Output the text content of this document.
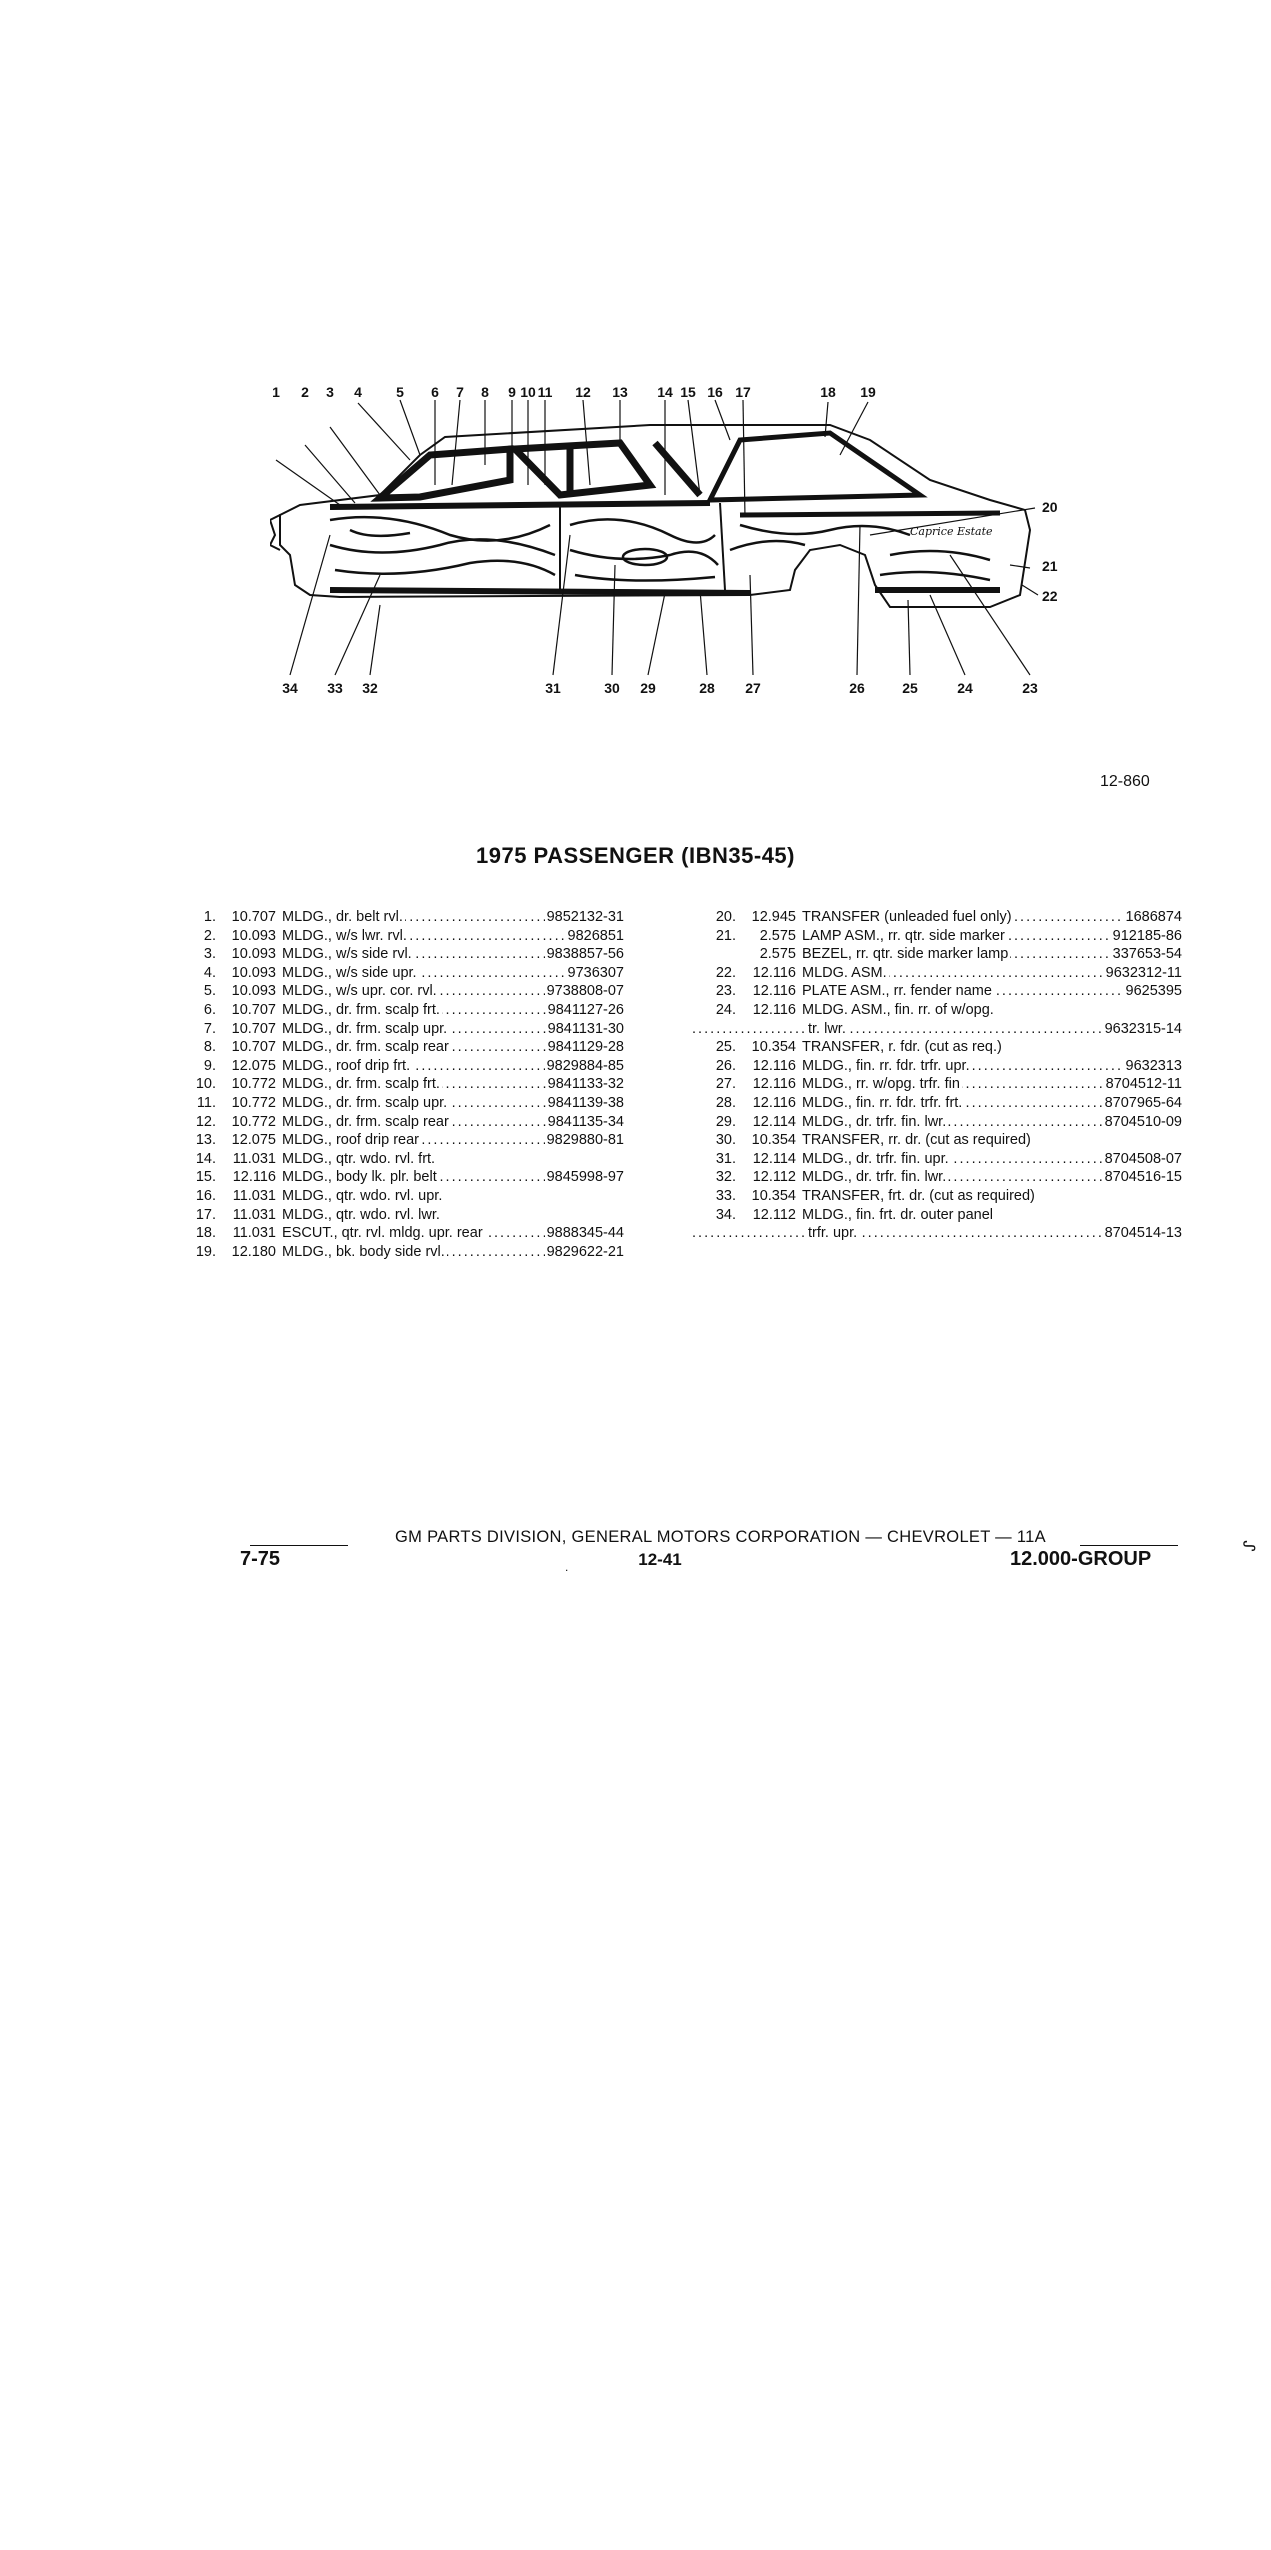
Caprice Estate
1 2 3 4 5 6 7 8 9 10 11 12 13 14 15 16 17	18 19
20
21
22
34 33 32	31	30 29	28 27	26	25	24	23
12-860
1975 PASSENGER (IBN35-45)
1.	10.707 MLDG., dr. belt rvl. . . .	9852132-31
2.	10.093 MLDG., w/s lwr. rvl. . . .	9826851
3.	10.093 MLDG., w/s side rvl. . . .	9838857-56
4.	10.093 MLDG., w/s side upr. . . .	9736307
5.	10.093 MLDG., w/s upr. cor. rvl. . . .	9738808-07
6.	10.707 MLDG., dr. frm. scalp frt. . . .	9841127-26
7.	10.707 MLDG., dr. frm. scalp upr. . . .	9841131-30
8.	10.707 MLDG., dr. frm. scalp rear . . .	9841129-28
9.	12.075 MLDG., roof drip frt. . . .	9829884-85
10.	10.772 MLDG., dr. frm. scalp frt. . . .	9841133-32
11.	10.772 MLDG., dr. frm. scalp upr. . . .	9841139-38
12.	10.772 MLDG., dr. frm. scalp rear . . .	9841135-34
13.	12.075 MLDG., roof drip rear . . .	9829880-81
14.	11.031 MLDG., qtr. wdo. rvl. frt.
15.	12.116 MLDG., body lk. plr. belt . . .	9845998-97
16.	11.031 MLDG., qtr. wdo. rvl. upr.
17.	11.031 MLDG., qtr. wdo. rvl. lwr.
18.	11.031 ESCUT., qtr. rvl. mldg. upr. rear . . .	9888345-44
19.	12.180 MLDG., bk. body side rvl. . . .	9829622-21
20.	12.945 TRANSFER (unleaded fuel only) . . .	1686874
21.	2.575 LAMP ASM., rr. qtr. side marker . . .	912185-86
2.575 BEZEL, rr. qtr. side marker lamp . . .	337653-54
22.	12.116 MLDG. ASM. . . .	9632312-11
23.	12.116 PLATE ASM., rr. fender name . . .	9625395
24.	12.116 MLDG. ASM., fin. rr. of w/opg.
tr. lwr. . . .	9632315-14
25.	10.354 TRANSFER, r. fdr. (cut as req.)
26.	12.116 MLDG., fin. rr. fdr. trfr. upr. . . .	9632313
27.	12.116 MLDG., rr. w/opg. trfr. fin . . .	8704512-11
28.	12.116 MLDG., fin. rr. fdr. trfr. frt. . . .	8707965-64
29.	12.114 MLDG., dr. trfr. fin. lwr. . . .	8704510-09
30.	10.354 TRANSFER, rr. dr. (cut as required)
31.	12.114 MLDG., dr. trfr. fin. upr. . . .	8704508-07
32.	12.112 MLDG., dr. trfr. fin. lwr. . . .	8704516-15
33.	10.354 TRANSFER, frt. dr. (cut as required)
34.	12.112 MLDG., fin. frt. dr. outer panel
trfr. upr. . . .	8704514-13
GM PARTS DIVISION, GENERAL MOTORS CORPORATION — CHEVROLET — 11A
7-75	.	12-41	12.000-GROUP
ᔑ
